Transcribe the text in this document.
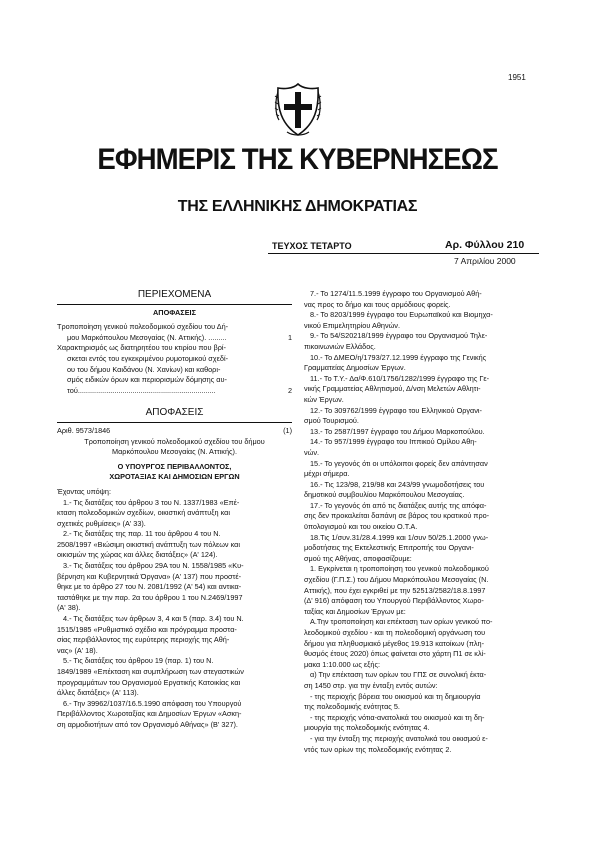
1951
ΕΦΗΜΕΡΙΣ ΤΗΣ ΚΥΒΕΡΝΗΣΕΩΣ
ΤΗΣ ΕΛΛΗΝΙΚΗΣ ΔΗΜΟΚΡΑΤΙΑΣ
ΤΕΥΧΟΣ ΤΕΤΑΡΤΟ	Αρ. Φύλλου 210
7 Απριλίου 2000
ΠΕΡΙΕΧΟΜΕΝΑ
ΑΠΟΦΑΣΕΙΣ
Τροποποίηση γενικού πολεοδομικού σχεδίου του Δή-
μου Μαρκόπουλου Μεσογαίας (Ν. Αττικής). .........	1
Χαρακτηρισμός ως διατηρητέου του κτιρίου που βρί-
σκεται εντός του εγκεκριμένου ρυμοτομικού σχεδί-
ου του δήμου Καιδάνου (Ν. Χανίων) και καθορι-
σμός ειδικών όρων και περιορισμών δόμησης αυ-
τού....................................................................	2
ΑΠΟΦΑΣΕΙΣ
Αριθ. 9573/1846	(1)
Τροποποίηση γενικού πολεοδομικού σχεδίου του δήμου
Μαρκόπουλου Μεσογαίας (Ν. Αττικής).
Ο ΥΠΟΥΡΓΟΣ ΠΕΡΙΒΑΛΛΟΝΤΟΣ,
ΧΩΡΟΤΑΞΙΑΣ ΚΑΙ ΔΗΜΟΣΙΩΝ ΕΡΓΩΝ
Έχοντας υπόψη:
1.- Τις διατάξεις του άρθρου 3 του Ν. 1337/1983 «Επέ-
κταση πολεοδομικών σχεδίων, οικιστική ανάπτυξη και
σχετικές ρυθμίσεις» (Α' 33).
2.- Τις διατάξεις της παρ. 11 του άρθρου 4 του Ν.
2508/1997 «Βιώσιμη οικιστική ανάπτυξη των πόλεων και
οικισμών της χώρας και άλλες διατάξεις» (Α' 124).
3.- Τις διατάξεις του άρθρου 29Α του Ν. 1558/1985 «Κυ-
βέρνηση και Κυβερνητικά Όργανα» (Α' 137) που προστέ-
θηκε με το άρθρο 27 του Ν. 2081/1992 (Α' 54) και αντικα-
ταστάθηκε με την παρ. 2α του άρθρου 1 του Ν.2469/1997
(Α' 38).
4.- Τις διατάξεις των άρθρων 3, 4 και 5 (παρ. 3.4) του Ν.
1515/1985 «Ρυθμιστικό σχέδιο και πρόγραμμα προστα-
σίας περιβάλλοντος της ευρύτερης περιοχής της Αθή-
νας» (Α' 18).
5.- Τις διατάξεις του άρθρου 19 (παρ. 1) του Ν.
1849/1989 «Επέκταση και συμπλήρωση των στεγαστικών
προγραμμάτων του Οργανισμού Εργατικής Κατοικίας και
άλλες διατάξεις» (Α' 113).
6.- Την 39962/1037/16.5.1990 απόφαση του Υπουργού
Περιβάλλοντος Χωροταξίας και Δημοσίων Έργων «Ασκη-
ση αρμοδιοτήτων από τον Οργανισμό Αθήνας» (Β' 327).
7.- Το 1274/11.5.1999 έγγραφο του Οργανισμού Αθή-
νας προς το δήμο και τους αρμόδιους φορείς.
8.- Το 8203/1999 έγγραφο του Ευρωπαϊκού και Βιομηχα-
νικού Επιμελητηρίου Αθηνών.
9.- Το 54/S20218/1999 έγγραφο του Οργανισμού Τηλε-
πικοινωνιών Ελλάδος.
10.- Το ΔΜΕΟ/η/1793/27.12.1999 έγγραφο της Γενικής
Γραμματείας Δημοσίων Έργων.
11.- Το Τ.Υ.- Δα/Φ.610/1756/1282/1999 έγγραφο της Γε-
νικής Γραμματείας Αθλητισμού, Δ/νση Μελετών Αθλητι-
κών Έργων.
12.- Το 309762/1999 έγγραφο του Ελληνικού Οργανι-
σμού Τουρισμού.
13.- Το 2587/1997 έγγραφο του Δήμου Μαρκοπούλου.
14.- Το 957/1999 έγγραφο του Ιππικού Ομίλου Αθη-
νών.
15.- Το γεγονός ότι οι υπόλοιποι φορείς δεν απάντησαν
μέχρι σήμερα.
16.- Τις 123/98, 219/98 και 243/99 γνωμοδοτήσεις του
δημοτικού συμβουλίου Μαρκόπουλου Μεσογαίας.
17.- Το γεγονός ότι από τις διατάξεις αυτής της απόφα-
σης δεν προκαλείται δαπάνη σε βάρος του κρατικού προ-
ϋπολογισμού και του οικείου Ο.Τ.Α.
18.Τις 1/συν.31/28.4.1999 και 1/συν 50/25.1.2000 γνω-
μοδοτήσεις της Εκτελεστικής Επιτροπής του Οργανι-
σμού της Αθήνας, αποφασίζουμε:
1. Εγκρίνεται η τροποποίηση του γενικού πολεοδομικού
σχεδίου (Γ.Π.Σ.) του Δήμου Μαρκόπουλου Μεσογαίας (Ν.
Αττικής), που έχει εγκριθεί με την 52513/2582/18.8.1997
(Δ' 916) απόφαση του Υπουργού Περιβάλλοντος Χωρο-
ταξίας και Δημοσίων Έργων με:
Α.Την τροποποίηση και επέκταση των ορίων γενικού πο-
λεοδομικού σχεδίου - και τη πολεοδομική οργάνωση του
δήμου για πληθυσμιακό μέγεθος 19.913 κατοίκων (πλη-
θυσμός έτους 2020) όπως φαίνεται στο χάρτη Π1 σε κλί-
μακα 1:10.000 ως εξής:
α) Την επέκταση των ορίων του ΓΠΣ σε συνολική έκτα-
ση 1450 στρ. για την ένταξη εντός αυτών:
- της περιοχής βόρεια του οικισμού και τη δημιουργία
της πολεοδομικής ενότητας 5.
- της περιοχής νότια-ανατολικά του οικισμού και τη δη-
μιουργία της πολεοδομικής ενότητας 4.
- για την ένταξη της περιοχής ανατολικά του οικισμού ε-
ντός των ορίων της πολεοδομικής ενότητας 2.
